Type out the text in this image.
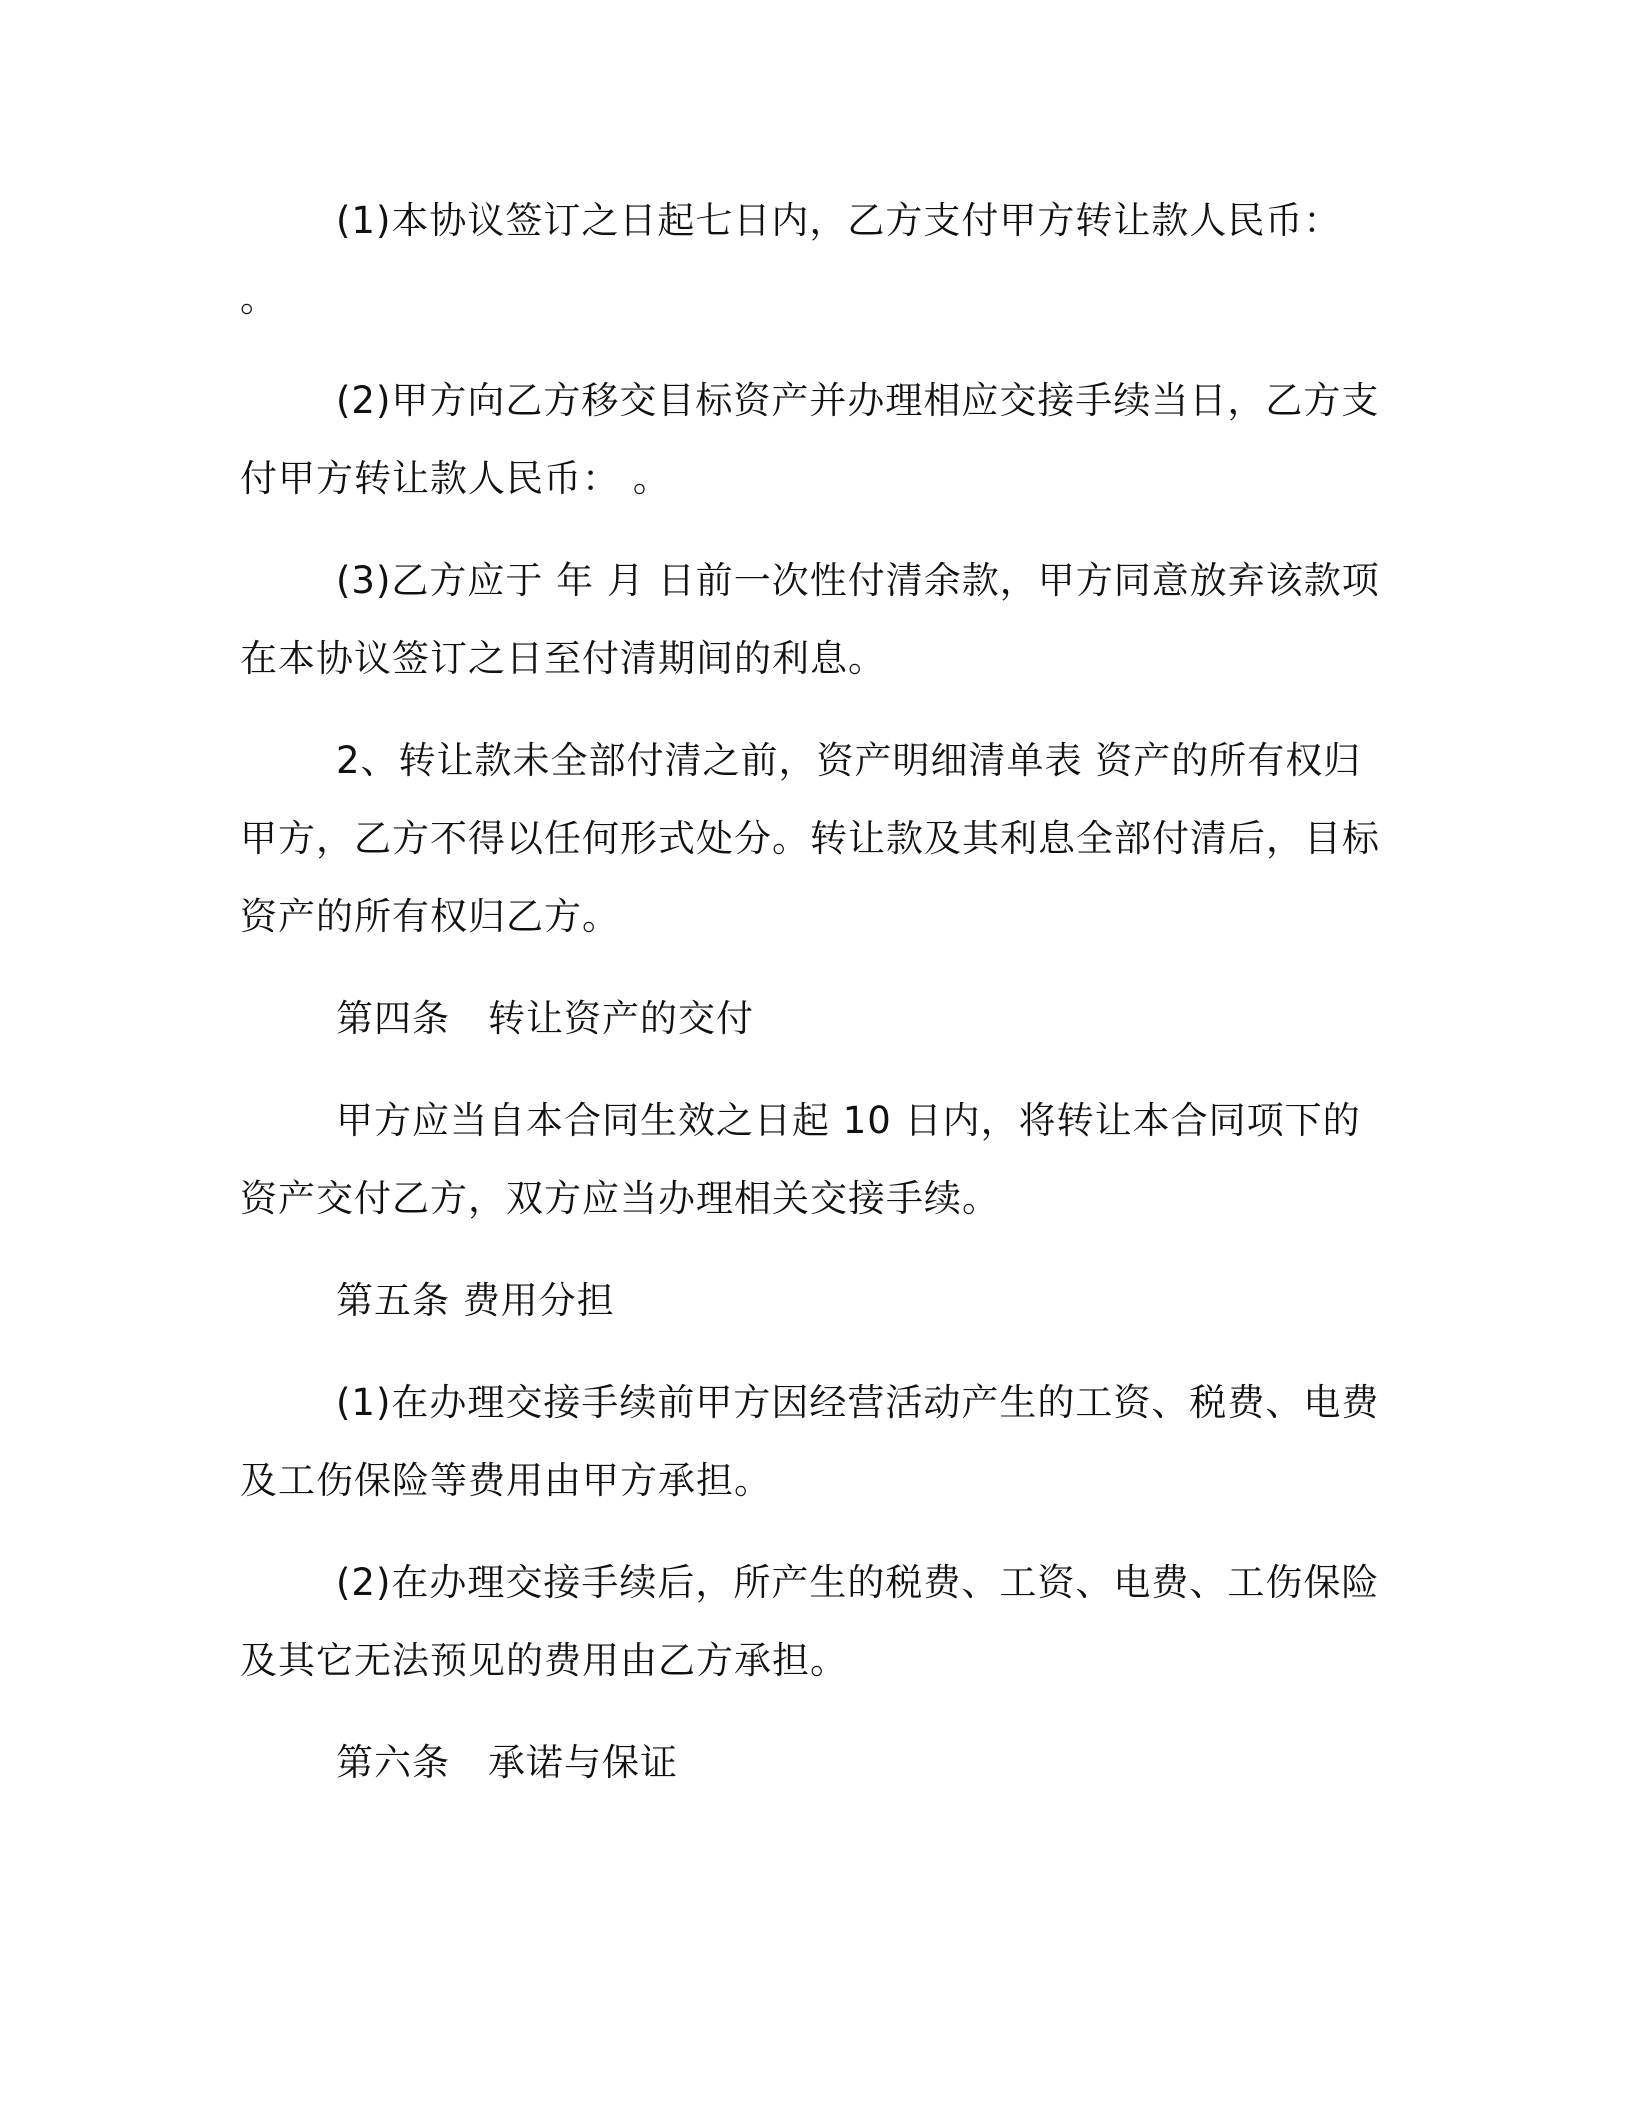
(1)本协议签订之日起七日内，乙方支付甲方转让款人民币： 。

(2)甲方向乙方移交目标资产并办理相应交接手续当日，乙方支付甲方转让款人民币： 。

(3)乙方应于 年 月 日前一次性付清余款，甲方同意放弃该款项在本协议签订之日至付清期间的利息。

2、转让款未全部付清之前，资产明细清单表 资产的所有权归甲方，乙方不得以任何形式处分。转让款及其利息全部付清后，目标资产的所有权归乙方。

第四条　转让资产的交付

甲方应当自本合同生效之日起 10 日内，将转让本合同项下的资产交付乙方，双方应当办理相关交接手续。

第五条 费用分担

(1)在办理交接手续前甲方因经营活动产生的工资、税费、电费及工伤保险等费用由甲方承担。

(2)在办理交接手续后，所产生的税费、工资、电费、工伤保险及其它无法预见的费用由乙方承担。

第六条　承诺与保证
